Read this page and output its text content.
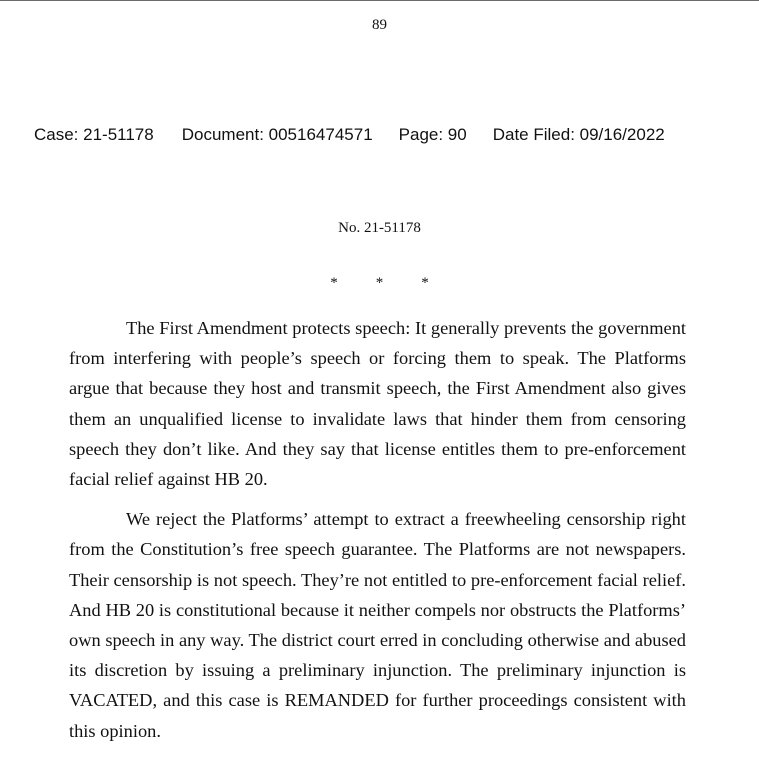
89
Case: 21-51178 Document: 00516474571 Page: 90 Date Filed: 09/16/2022
No. 21-51178
*	*	*

The First Amendment protects speech: It generally prevents the government from interfering with people’s speech or forcing them to speak. The Platforms argue that because they host and transmit speech, the First Amendment also gives them an unqualified license to invalidate laws that hinder them from censoring speech they don’t like. And they say that license entitles them to pre-enforcement facial relief against HB 20.

We reject the Platforms’ attempt to extract a freewheeling censorship right from the Constitution’s free speech guarantee. The Platforms are not newspapers. Their censorship is not speech. They’re not entitled to pre-enforcement facial relief. And HB 20 is constitutional because it neither compels nor obstructs the Platforms’ own speech in any way. The district court erred in concluding otherwise and abused its discretion by issuing a preliminary injunction. The preliminary injunction is VACATED, and this case is REMANDED for further proceedings consistent with this opinion.
